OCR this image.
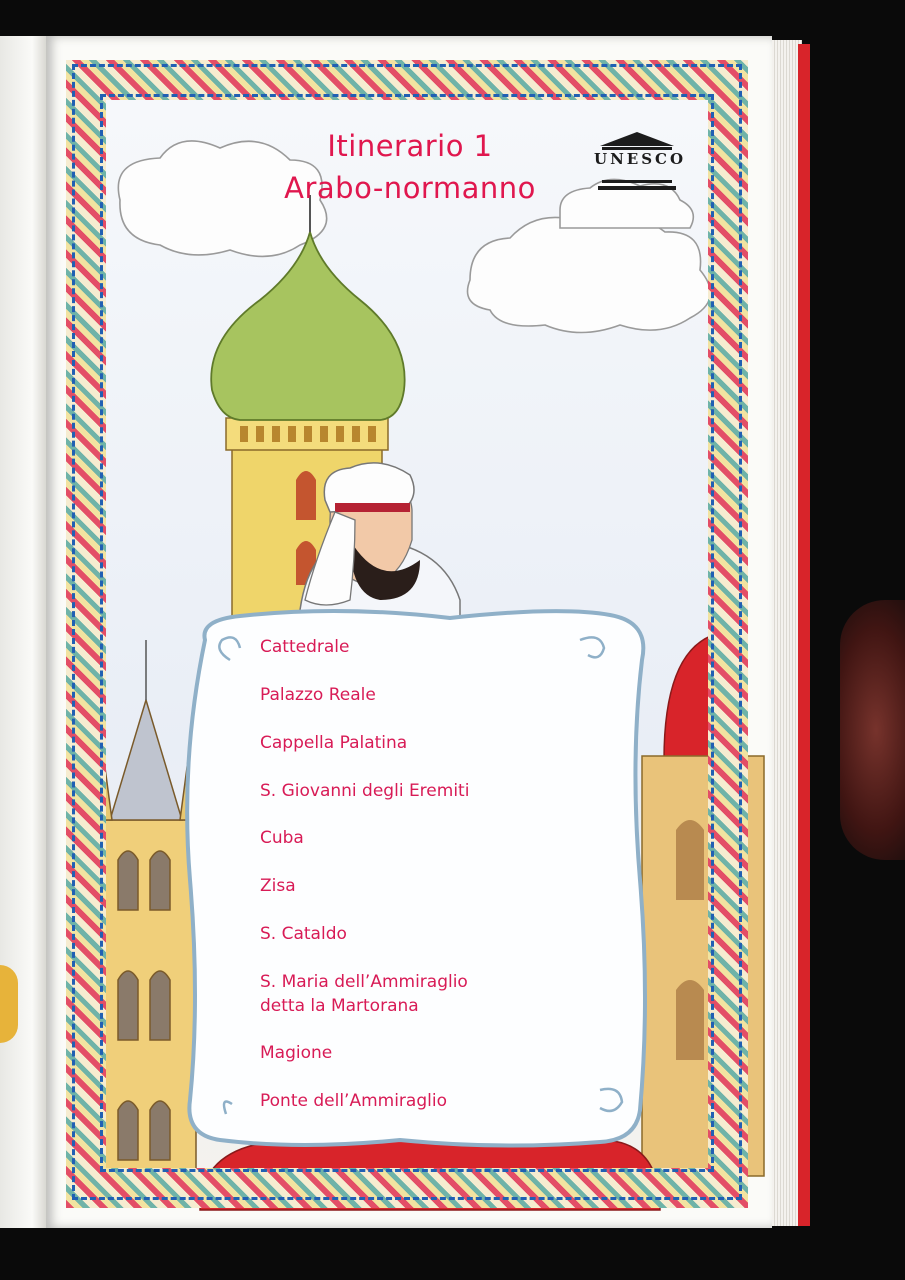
Itinerario 1
Arabo-normanno
UNESCO
Cattedrale
Palazzo Reale
Cappella Palatina
S. Giovanni degli Eremiti
Cuba
Zisa
S. Cataldo
S. Maria dell’Ammiraglio
detta la Martorana
Magione
Ponte dell’Ammiraglio
